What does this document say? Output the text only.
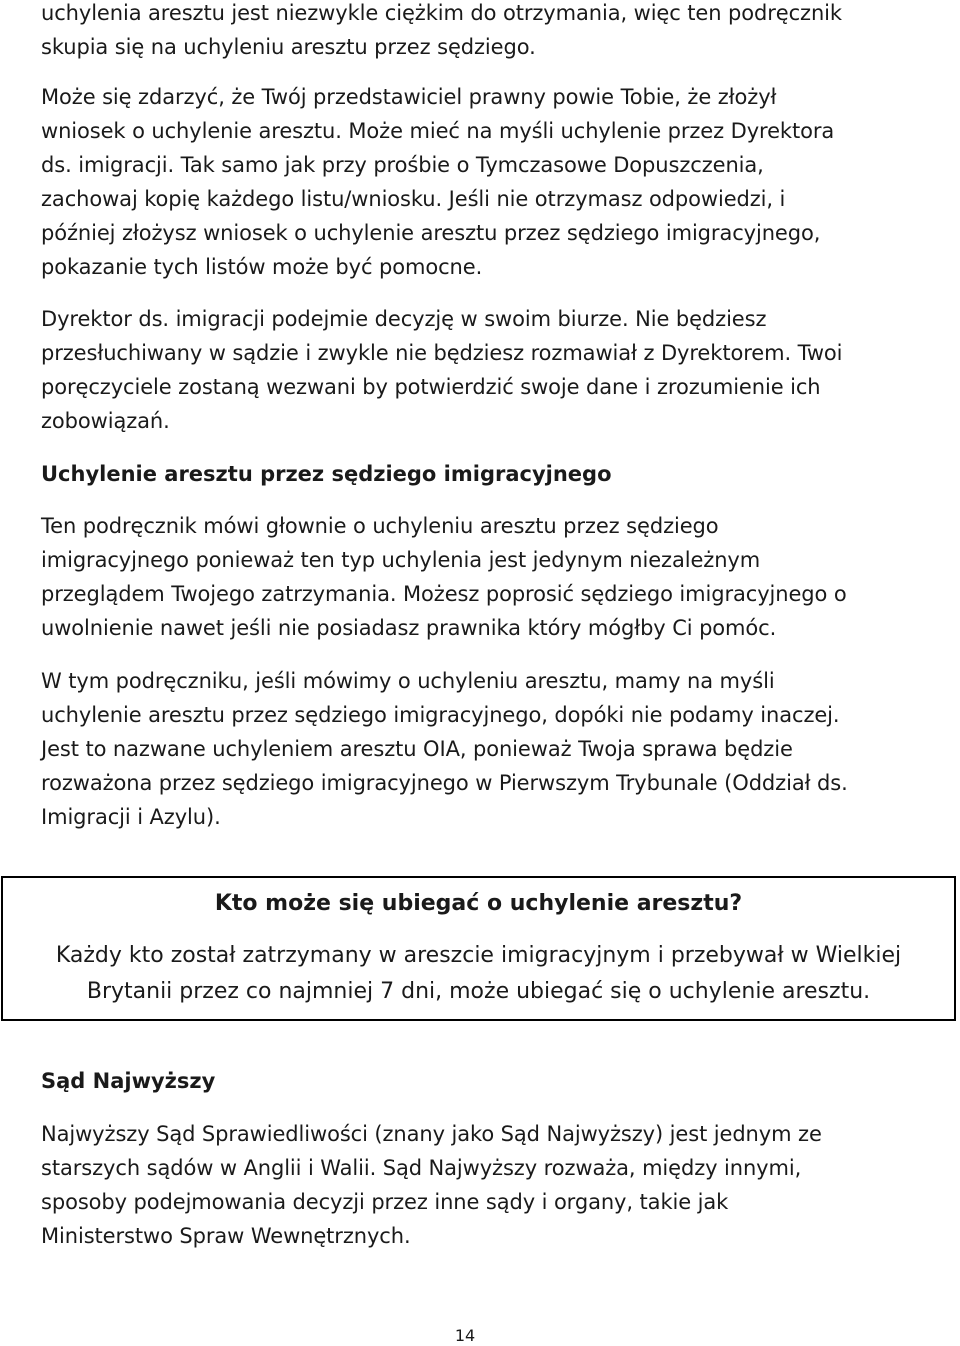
uchylenia aresztu jest niezwykle ciężkim do otrzymania, więc ten podręcznik
skupia się na uchyleniu aresztu przez sędziego.

Może się zdarzyć, że Twój przedstawiciel prawny powie Tobie, że złożył
wniosek o uchylenie aresztu. Może mieć na myśli uchylenie przez Dyrektora
ds. imigracji. Tak samo jak przy prośbie o Tymczasowe Dopuszczenia,
zachowaj kopię każdego listu/wniosku. Jeśli nie otrzymasz odpowiedzi, i
później złożysz wniosek o uchylenie aresztu przez sędziego imigracyjnego,
pokazanie tych listów może być pomocne.

Dyrektor ds. imigracji podejmie decyzję w swoim biurze. Nie będziesz
przesłuchiwany w sądzie i zwykle nie będziesz rozmawiał z Dyrektorem. Twoi
poręczyciele zostaną wezwani by potwierdzić swoje dane i zrozumienie ich
zobowiązań.

Uchylenie aresztu przez sędziego imigracyjnego

Ten podręcznik mówi głownie o uchyleniu aresztu przez sędziego
imigracyjnego ponieważ ten typ uchylenia jest jedynym niezależnym
przeglądem Twojego zatrzymania. Możesz poprosić sędziego imigracyjnego o
uwolnienie nawet jeśli nie posiadasz prawnika który mógłby Ci pomóc.

W tym podręczniku, jeśli mówimy o uchyleniu aresztu, mamy na myśli
uchylenie aresztu przez sędziego imigracyjnego, dopóki nie podamy inaczej.
Jest to nazwane uchyleniem aresztu OIA, ponieważ Twoja sprawa będzie
rozważona przez sędziego imigracyjnego w Pierwszym Trybunale (Oddział ds.
Imigracji i Azylu).

Kto może się ubiegać o uchylenie aresztu?
Każdy kto został zatrzymany w areszcie imigracyjnym i przebywał w Wielkiej
Brytanii przez co najmniej 7 dni, może ubiegać się o uchylenie aresztu.
Sąd Najwyższy

Najwyższy Sąd Sprawiedliwości (znany jako Sąd Najwyższy) jest jednym ze
starszych sądów w Anglii i Walii. Sąd Najwyższy rozważa, między innymi,
sposoby podejmowania decyzji przez inne sądy i organy, takie jak
Ministerstwo Spraw Wewnętrznych.

14
